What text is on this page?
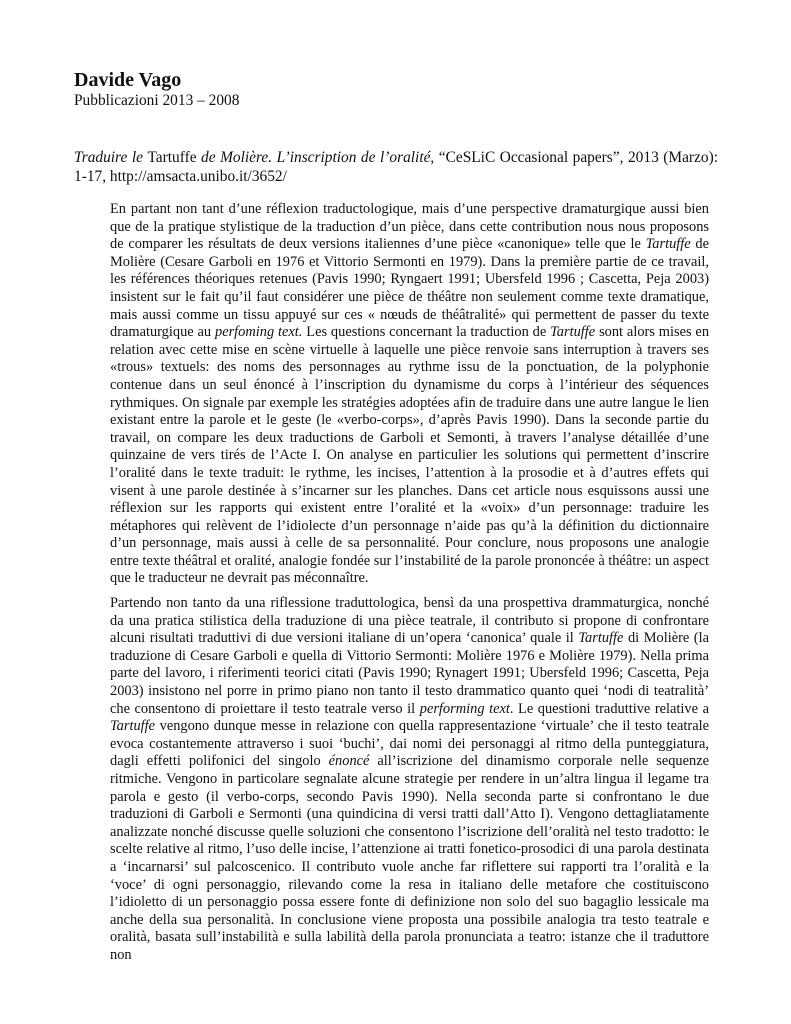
Davide Vago
Pubblicazioni 2013 – 2008
Traduire le Tartuffe de Molière. L’inscription de l’oralité, “CeSLiC Occasional papers”, 2013 (Marzo): 1-17, http://amsacta.unibo.it/3652/
En partant non tant d’une réflexion traductologique, mais d’une perspective dramaturgique aussi bien que de la pratique stylistique de la traduction d’un pièce, dans cette contribution nous nous proposons de comparer les résultats de deux versions italiennes d’une pièce «canonique» telle que le Tartuffe de Molière (Cesare Garboli en 1976 et Vittorio Sermonti en 1979). Dans la première partie de ce travail, les références théoriques retenues (Pavis 1990; Ryngaert 1991; Ubersfeld 1996 ; Cascetta, Peja 2003) insistent sur le fait qu’il faut considérer une pièce de théâtre non seulement comme texte dramatique, mais aussi comme un tissu appuyé sur ces « nœuds de théâtralité» qui permettent de passer du texte dramaturgique au perfoming text. Les questions concernant la traduction de Tartuffe sont alors mises en relation avec cette mise en scène virtuelle à laquelle une pièce renvoie sans interruption à travers ses «trous» textuels: des noms des personnages au rythme issu de la ponctuation, de la polyphonie contenue dans un seul énoncé à l’inscription du dynamisme du corps à l’intérieur des séquences rythmiques. On signale par exemple les stratégies adoptées afin de traduire dans une autre langue le lien existant entre la parole et le geste (le «verbo-corps», d’après Pavis 1990). Dans la seconde partie du travail, on compare les deux traductions de Garboli et Semonti, à travers l’analyse détaillée d’une quinzaine de vers tirés de l’Acte I. On analyse en particulier les solutions qui permettent d’inscrire l’oralité dans le texte traduit: le rythme, les incises, l’attention à la prosodie et à d’autres effets qui visent à une parole destinée à s’incarner sur les planches. Dans cet article nous esquissons aussi une réflexion sur les rapports qui existent entre l’oralité et la «voix» d’un personnage: traduire les métaphores qui relèvent de l’idiolecte d’un personnage n’aide pas qu’à la définition du dictionnaire d’un personnage, mais aussi à celle de sa personnalité. Pour conclure, nous proposons une analogie entre texte théâtral et oralité, analogie fondée sur l’instabilité de la parole prononcée à théâtre: un aspect que le traducteur ne devrait pas méconnaître.
Partendo non tanto da una riflessione traduttologica, bensì da una prospettiva drammaturgica, nonché da una pratica stilistica della traduzione di una pièce teatrale, il contributo si propone di confrontare alcuni risultati traduttivi di due versioni italiane di un’opera ‘canonica’ quale il Tartuffe di Molière (la traduzione di Cesare Garboli e quella di Vittorio Sermonti: Molière 1976 e Molière 1979). Nella prima parte del lavoro, i riferimenti teorici citati (Pavis 1990; Rynagert 1991; Ubersfeld 1996; Cascetta, Peja 2003) insistono nel porre in primo piano non tanto il testo drammatico quanto quei ‘nodi di teatralità’ che consentono di proiettare il testo teatrale verso il performing text. Le questioni traduttive relative a Tartuffe vengono dunque messe in relazione con quella rappresentazione ‘virtuale’ che il testo teatrale evoca costantemente attraverso i suoi ‘buchi’, dai nomi dei personaggi al ritmo della punteggiatura, dagli effetti polifonici del singolo énoncé all’iscrizione del dinamismo corporale nelle sequenze ritmiche. Vengono in particolare segnalate alcune strategie per rendere in un’altra lingua il legame tra parola e gesto (il verbo-corps, secondo Pavis 1990). Nella seconda parte si confrontano le due traduzioni di Garboli e Sermonti (una quindicina di versi tratti dall’Atto I). Vengono dettagliatamente analizzate nonché discusse quelle soluzioni che consentono l’iscrizione dell’oralità nel testo tradotto: le scelte relative al ritmo, l’uso delle incise, l’attenzione ai tratti fonetico-prosodici di una parola destinata a ‘incarnarsi’ sul palcoscenico. Il contributo vuole anche far riflettere sui rapporti tra l’oralità e la ‘voce’ di ogni personaggio, rilevando come la resa in italiano delle metafore che costituiscono l’idioletto di un personaggio possa essere fonte di definizione non solo del suo bagaglio lessicale ma anche della sua personalità. In conclusione viene proposta una possibile analogia tra testo teatrale e oralità, basata sull’instabilità e sulla labilità della parola pronunciata a teatro: istanze che il traduttore non
